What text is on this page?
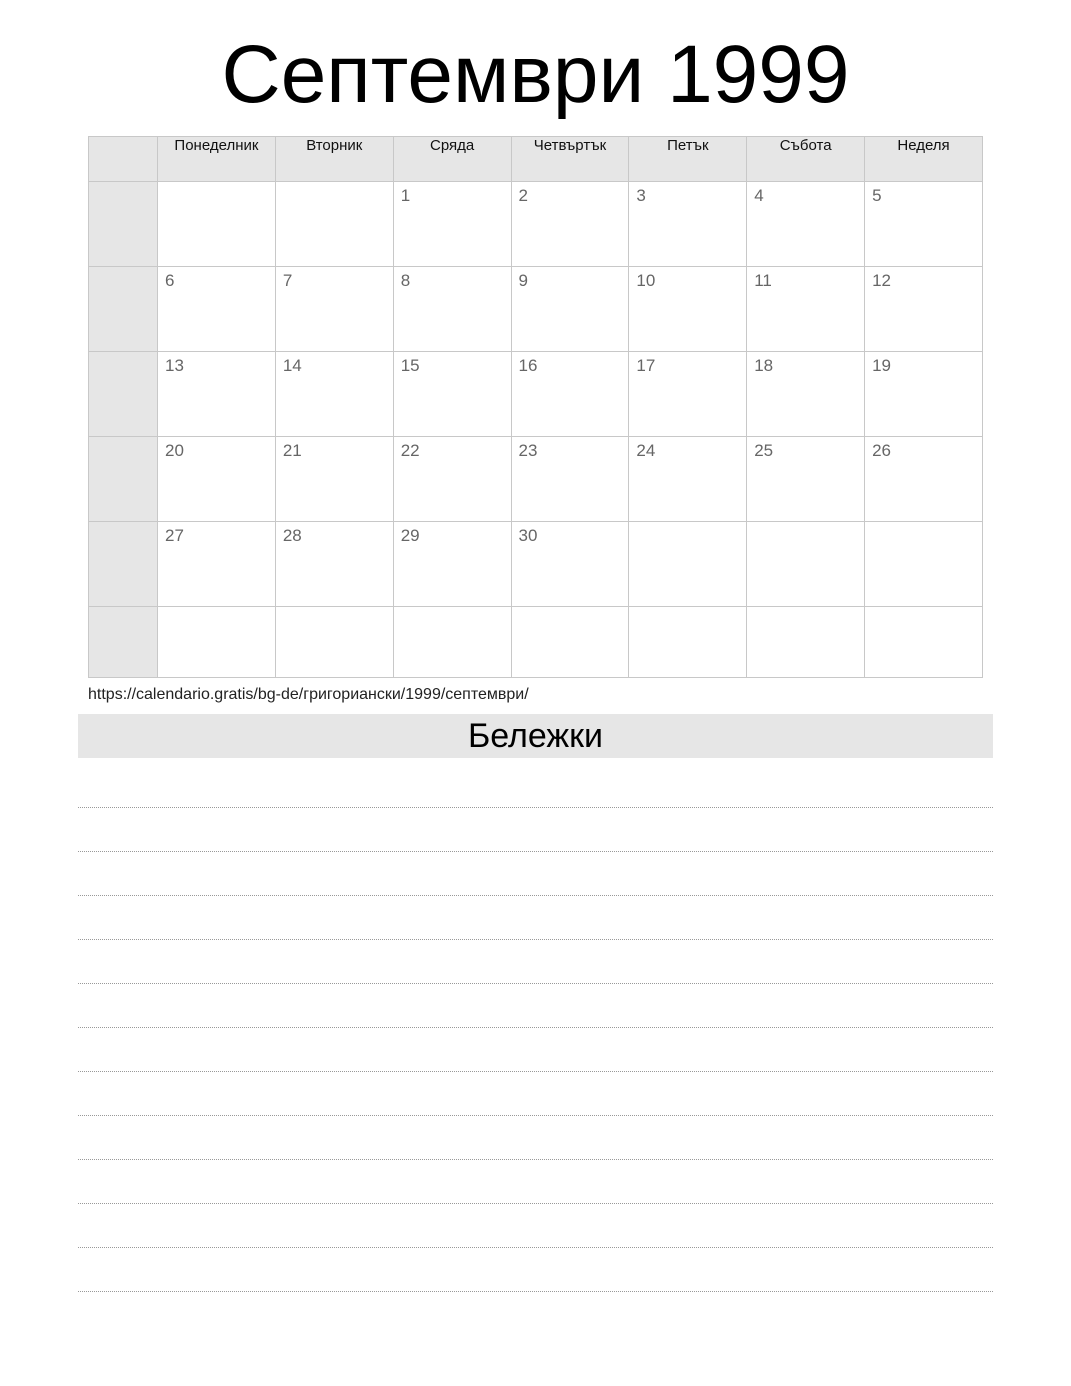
Септември 1999
	Понеделник	Вторник	Сряда	Четвъртък	Петък	Събота	Неделя

			1	2	3	4	5

	6	7	8	9	10	11	12

	13	14	15	16	17	18	19

	20	21	22	23	24	25	26

	27	28	29	30			

https://calendario.gratis/bg-de/григориански/1999/септември/
Бележки
